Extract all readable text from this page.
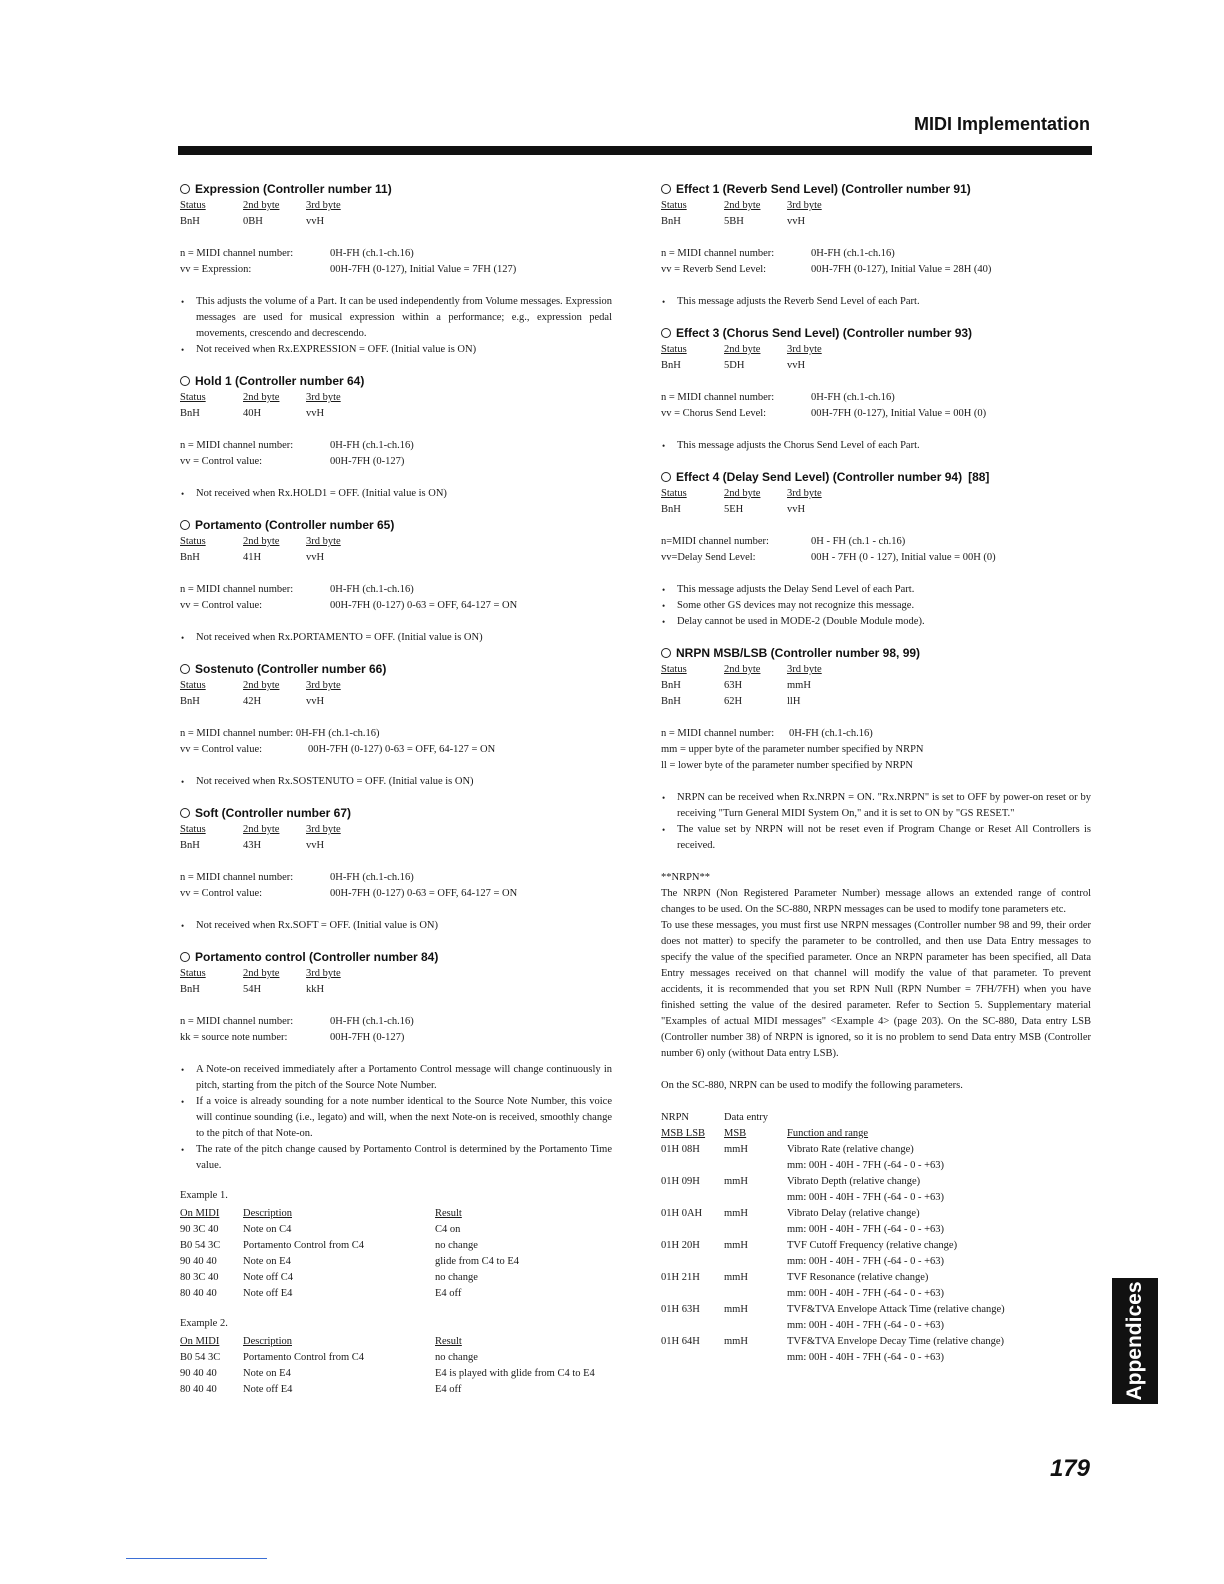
MIDI Implementation
Expression (Controller number 11)
Status	2nd byte	3rd byte
BnH	0BH	vvH
n = MIDI channel number:	0H-FH (ch.1-ch.16)
vv = Expression:	00H-7FH (0-127), Initial Value = 7FH (127)
• This adjusts the volume of a Part. It can be used independently from Volume messages. Expression messages are used for musical expression within a performance; e.g., expression pedal movements, crescendo and decrescendo.
• Not received when Rx.EXPRESSION = OFF. (Initial value is ON)
Hold 1 (Controller number 64)
Status	2nd byte	3rd byte
BnH	40H	vvH
n = MIDI channel number:	0H-FH (ch.1-ch.16)
vv = Control value:	00H-7FH (0-127)
• Not received when Rx.HOLD1 = OFF. (Initial value is ON)
Portamento (Controller number 65)
Status	2nd byte	3rd byte
BnH	41H	vvH
n = MIDI channel number:	0H-FH (ch.1-ch.16)
vv = Control value:	00H-7FH (0-127) 0-63 = OFF, 64-127 = ON
• Not received when Rx.PORTAMENTO = OFF. (Initial value is ON)
Sostenuto (Controller number 66)
Status	2nd byte	3rd byte
BnH	42H	vvH
n = MIDI channel number: 0H-FH (ch.1-ch.16)
vv = Control value:	00H-7FH (0-127) 0-63 = OFF, 64-127 = ON
• Not received when Rx.SOSTENUTO = OFF. (Initial value is ON)
Soft (Controller number 67)
Status	2nd byte	3rd byte
BnH	43H	vvH
n = MIDI channel number:	0H-FH (ch.1-ch.16)
vv = Control value:	00H-7FH (0-127) 0-63 = OFF, 64-127 = ON
• Not received when Rx.SOFT = OFF. (Initial value is ON)
Portamento control (Controller number 84)
Status	2nd byte	3rd byte
BnH	54H	kkH
n = MIDI channel number:	0H-FH (ch.1-ch.16)
kk = source note number:	00H-7FH (0-127)
• A Note-on received immediately after a Portamento Control message will change continuously in pitch, starting from the pitch of the Source Note Number.
• If a voice is already sounding for a note number identical to the Source Note Number, this voice will continue sounding (i.e., legato) and will, when the next Note-on is received, smoothly change to the pitch of that Note-on.
• The rate of the pitch change caused by Portamento Control is determined by the Portamento Time value.
Example 1.
On MIDI	Description	Result
90 3C 40	Note on C4	C4 on
B0 54 3C	Portamento Control from C4	no change
90 40 40	Note on E4	glide from C4 to E4
80 3C 40	Note off C4	no change
80 40 40	Note off E4	E4 off
Example 2.
On MIDI	Description	Result
B0 54 3C	Portamento Control from C4	no change
90 40 40	Note on E4	E4 is played with glide from C4 to E4
80 40 40	Note off E4	E4 off
Effect 1 (Reverb Send Level) (Controller number 91)
Status	2nd byte	3rd byte
BnH	5BH	vvH
n = MIDI channel number:	0H-FH (ch.1-ch.16)
vv = Reverb Send Level:	00H-7FH (0-127), Initial Value = 28H (40)
• This message adjusts the Reverb Send Level of each Part.
Effect 3 (Chorus Send Level) (Controller number 93)
Status	2nd byte	3rd byte
BnH	5DH	vvH
n = MIDI channel number:	0H-FH (ch.1-ch.16)
vv = Chorus Send Level:	00H-7FH (0-127), Initial Value = 00H (0)
• This message adjusts the Chorus Send Level of each Part.
Effect 4 (Delay Send Level) (Controller number 94) [88]
Status	2nd byte	3rd byte
BnH	5EH	vvH
n=MIDI channel number:	0H - FH (ch.1 - ch.16)
vv=Delay Send Level:	00H - 7FH (0 - 127), Initial value = 00H (0)
• This message adjusts the Delay Send Level of each Part.
• Some other GS devices may not recognize this message.
• Delay cannot be used in MODE-2 (Double Module mode).
NRPN MSB/LSB (Controller number 98, 99)
Status	2nd byte	3rd byte
BnH	63H	mmH
BnH	62H	llH
n = MIDI channel number:	0H-FH (ch.1-ch.16)
mm = upper byte of the parameter number specified by NRPN
ll = lower byte of the parameter number specified by NRPN
• NRPN can be received when Rx.NRPN = ON. "Rx.NRPN" is set to OFF by power-on reset or by receiving "Turn General MIDI System On," and it is set to ON by "GS RESET."
• The value set by NRPN will not be reset even if Program Change or Reset All Controllers is received.
**NRPN**

The NRPN (Non Registered Parameter Number) message allows an extended range of control changes to be used. On the SC-880, NRPN messages can be used to modify tone parameters etc.

To use these messages, you must first use NRPN messages (Controller number 98 and 99, their order does not matter) to specify the parameter to be controlled, and then use Data Entry messages to specify the value of the specified parameter. Once an NRPN parameter has been specified, all Data Entry messages received on that channel will modify the value of that parameter. To prevent accidents, it is recommended that you set RPN Null (RPN Number = 7FH/7FH) when you have finished setting the value of the desired parameter. Refer to Section 5. Supplementary material "Examples of actual MIDI messages" <Example 4> (page 203). On the SC-880, Data entry LSB (Controller number 38) of NRPN is ignored, so it is no problem to send Data entry MSB (Controller number 6) only (without Data entry LSB).

On the SC-880, NRPN can be used to modify the following parameters.

NRPN	Data entry
MSB LSB	MSB	Function and range
01H 08H	mmH	Vibrato Rate (relative change)
mm: 00H - 40H - 7FH (-64 - 0 - +63)
01H 09H	mmH	Vibrato Depth (relative change)
mm: 00H - 40H - 7FH (-64 - 0 - +63)
01H 0AH	mmH	Vibrato Delay (relative change)
mm: 00H - 40H - 7FH (-64 - 0 - +63)
01H 20H	mmH	TVF Cutoff Frequency (relative change)
mm: 00H - 40H - 7FH (-64 - 0 - +63)
01H 21H	mmH	TVF Resonance (relative change)
mm: 00H - 40H - 7FH (-64 - 0 - +63)
01H 63H	mmH	TVF&TVA Envelope Attack Time (relative change)
mm: 00H - 40H - 7FH (-64 - 0 - +63)
01H 64H	mmH	TVF&TVA Envelope Decay Time (relative change)
mm: 00H - 40H - 7FH (-64 - 0 - +63)	Appendices
179
